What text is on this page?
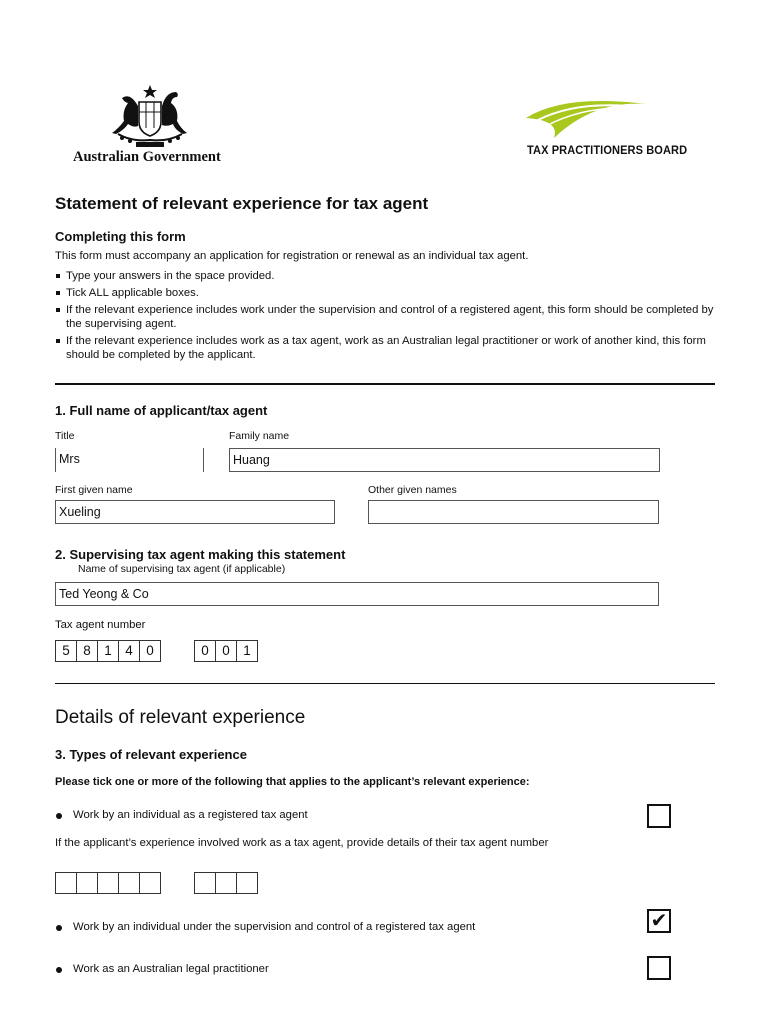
Australian Government	TAX PRACTITIONERS BOARD
Statement of relevant experience for tax agent
Completing this form
This form must accompany an application for registration or renewal as an individual tax agent.
Type your answers in the space provided.
Tick ALL applicable boxes.
If the relevant experience includes work under the supervision and control of a registered agent, this form should be completed by the supervising agent.
If the relevant experience includes work as a tax agent, work as an Australian legal practitioner or work of another kind, this form should be completed by the applicant.
1. Full name of applicant/tax agent
Title
Mrs
Family name
Huang
First given name
Xueling
Other given names
2. Supervising tax agent making this statement
Name of supervising tax agent (if applicable)
Ted Yeong & Co
Tax agent number
5 8 1 4 0	0 0 1
Details of relevant experience
3. Types of relevant experience
Please tick one or more of the following that applies to the applicant’s relevant experience:
Work by an individual as a registered tax agent
If the applicant’s experience involved work as a tax agent, provide details of their tax agent number
Work by an individual under the supervision and control of a registered tax agent	✔
Work as an Australian legal practitioner
